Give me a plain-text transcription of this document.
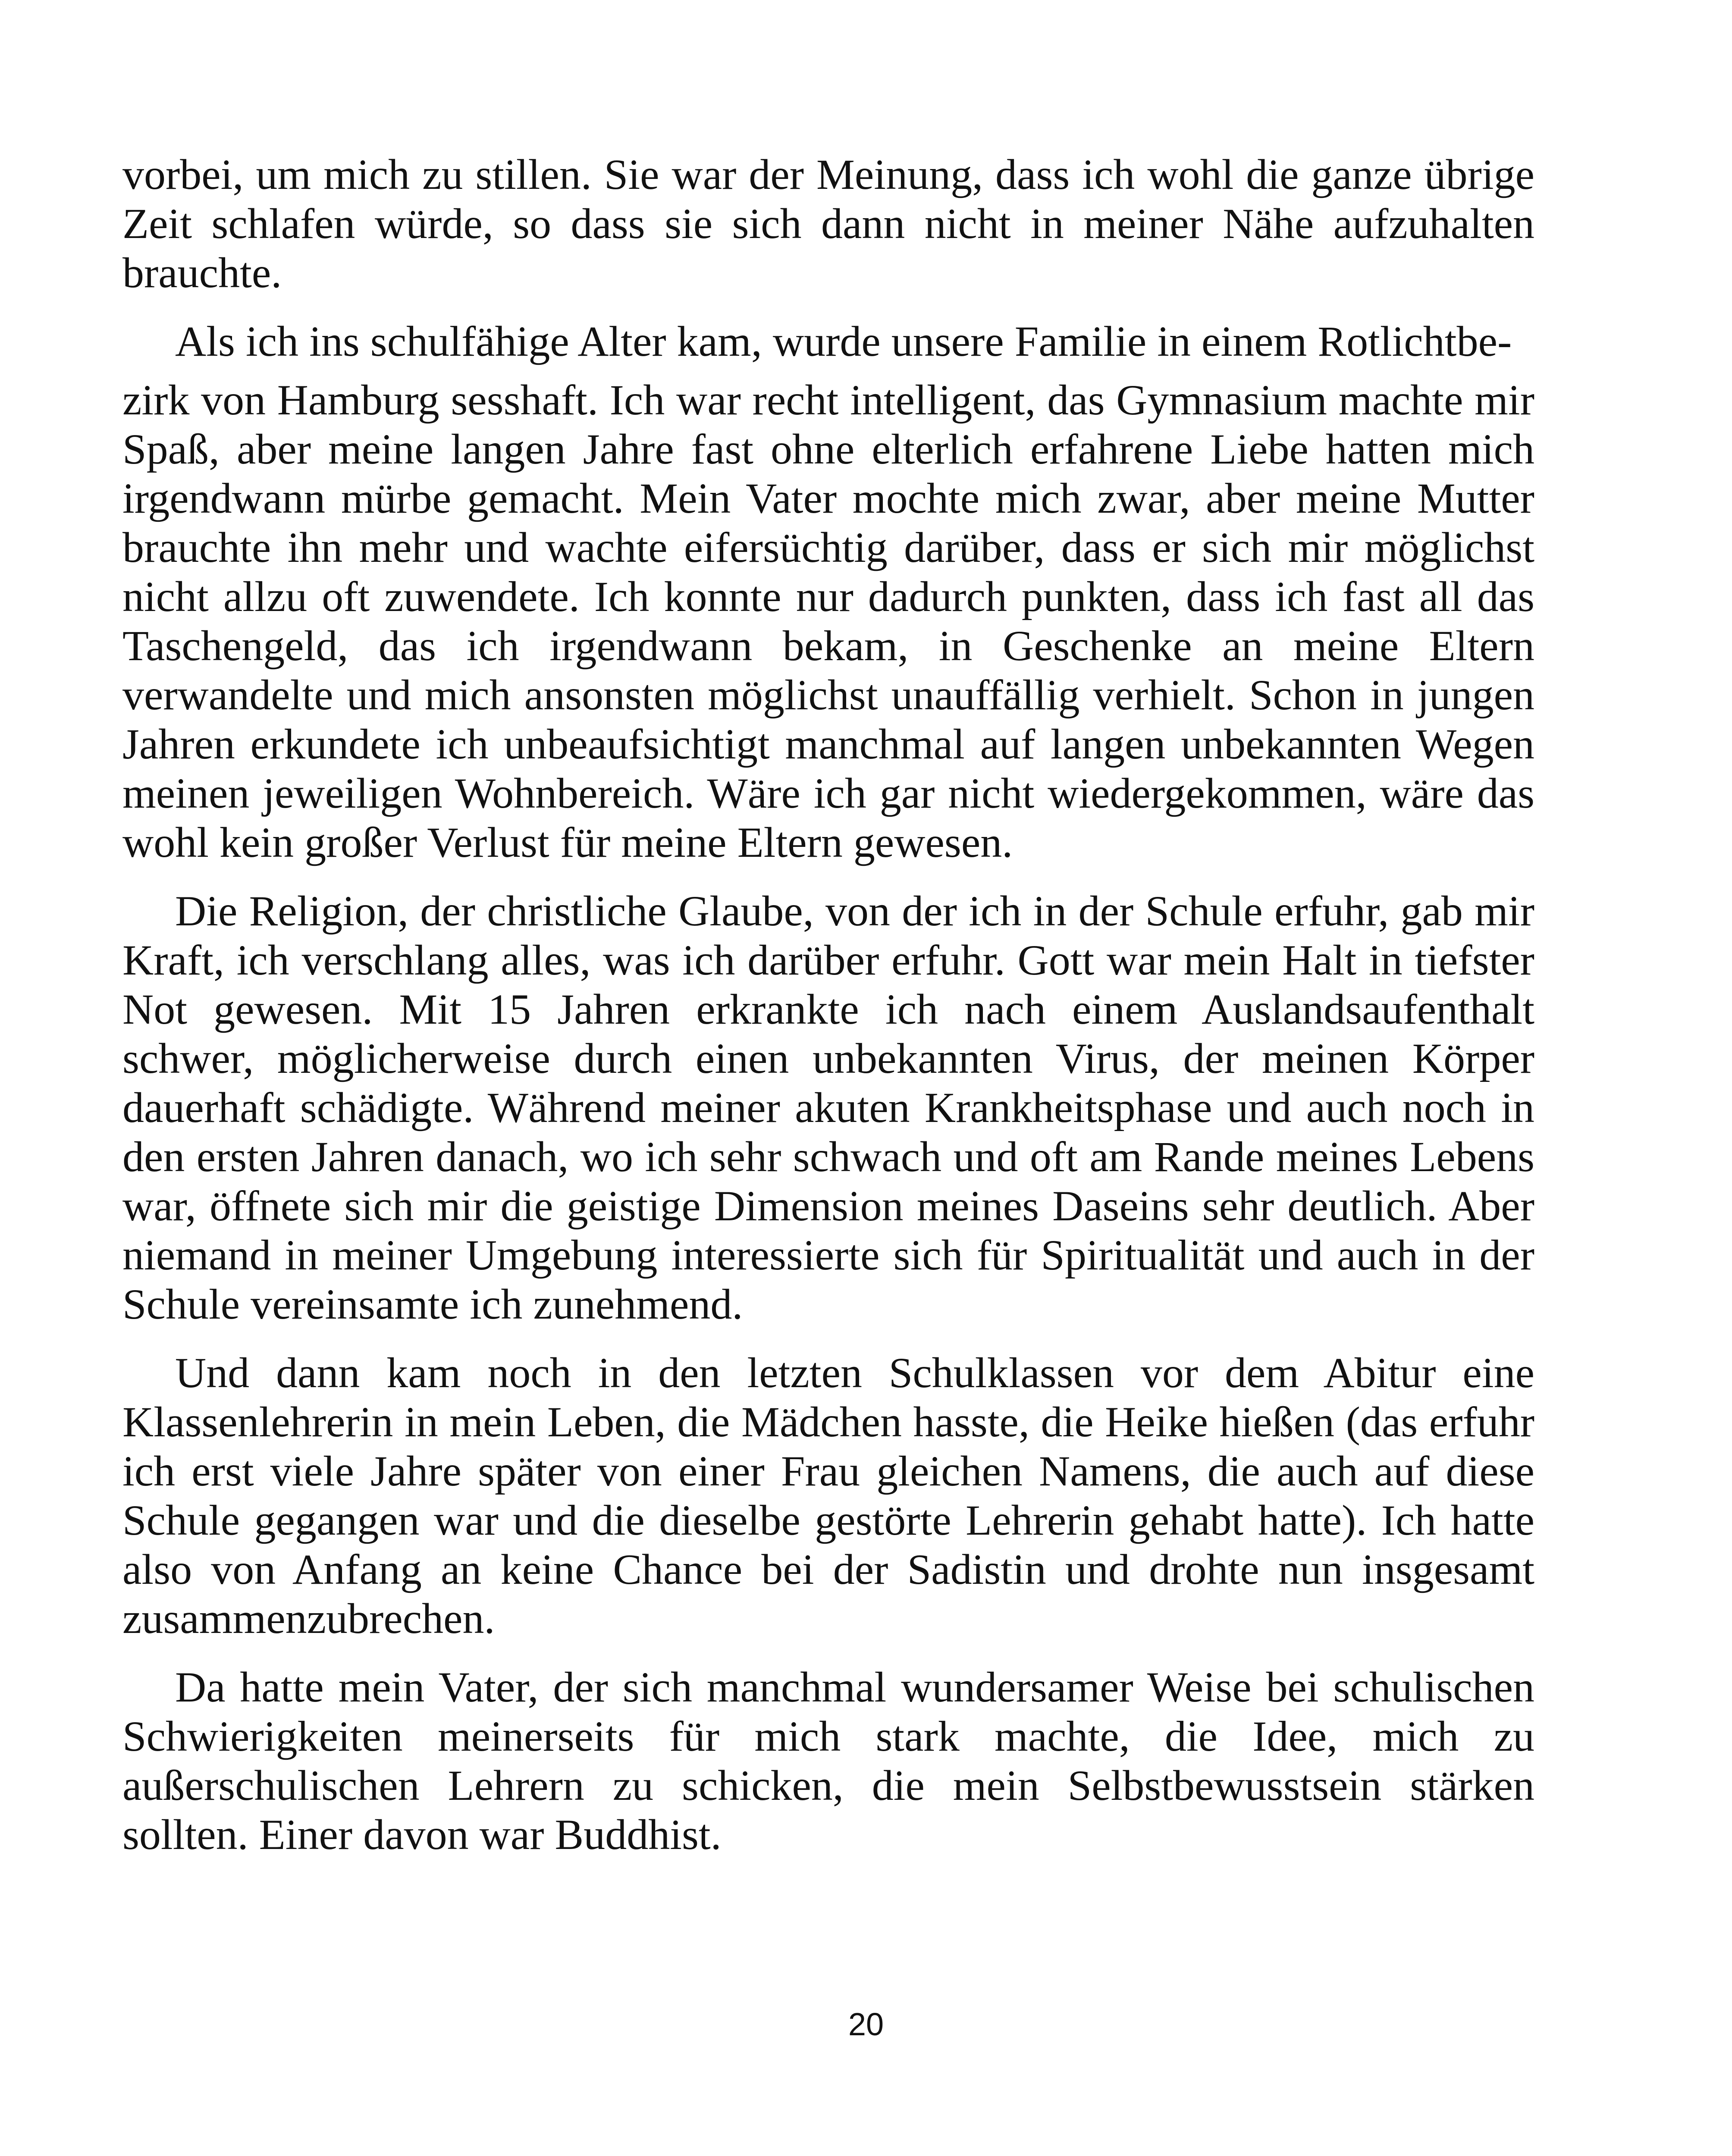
vorbei, um mich zu stillen. Sie war der Meinung, dass ich wohl die ganze übrige Zeit schlafen würde, so dass sie sich dann nicht in meiner Nähe aufzuhalten brauchte.

Als ich ins schulfähige Alter kam, wurde unsere Familie in einem Rotlichtbe-

zirk von Hamburg sesshaft. Ich war recht intelligent, das Gymnasium machte mir Spaß, aber meine langen Jahre fast ohne elterlich erfahrene Liebe hatten mich irgendwann mürbe gemacht. Mein Vater mochte mich zwar, aber meine Mutter brauchte ihn mehr und wachte eifersüchtig darüber, dass er sich mir möglichst nicht allzu oft zuwendete. Ich konnte nur dadurch punkten, dass ich fast all das Taschengeld, das ich irgendwann bekam, in Geschenke an meine Eltern verwandelte und mich ansonsten möglichst unauffällig verhielt. Schon in jungen Jahren erkundete ich unbeaufsichtigt manchmal auf langen unbekannten Wegen meinen jeweiligen Wohnbereich. Wäre ich gar nicht wiedergekommen, wäre das wohl kein großer Verlust für meine Eltern gewesen.

Die Religion, der christliche Glaube, von der ich in der Schule erfuhr, gab mir Kraft, ich verschlang alles, was ich darüber erfuhr. Gott war mein Halt in tiefster Not gewesen. Mit 15 Jahren erkrankte ich nach einem Auslandsaufenthalt schwer, möglicherweise durch einen unbekannten Virus, der meinen Körper dauerhaft schädigte. Während meiner akuten Krankheitsphase und auch noch in den ersten Jahren danach, wo ich sehr schwach und oft am Rande meines Lebens war, öffnete sich mir die geistige Dimension meines Daseins sehr deutlich. Aber niemand in meiner Umgebung interessierte sich für Spiritualität und auch in der Schule vereinsamte ich zunehmend.

Und dann kam noch in den letzten Schulklassen vor dem Abitur eine Klassenlehrerin in mein Leben, die Mädchen hasste, die Heike hießen (das erfuhr ich erst viele Jahre später von einer Frau gleichen Namens, die auch auf diese Schule gegangen war und die dieselbe gestörte Lehrerin gehabt hatte). Ich hatte also von Anfang an keine Chance bei der Sadistin und drohte nun insgesamt zusammenzubrechen.

Da hatte mein Vater, der sich manchmal wundersamer Weise bei schulischen Schwierigkeiten meinerseits für mich stark machte, die Idee, mich zu außerschulischen Lehrern zu schicken, die mein Selbstbewusstsein stärken sollten. Einer davon war Buddhist.

20
